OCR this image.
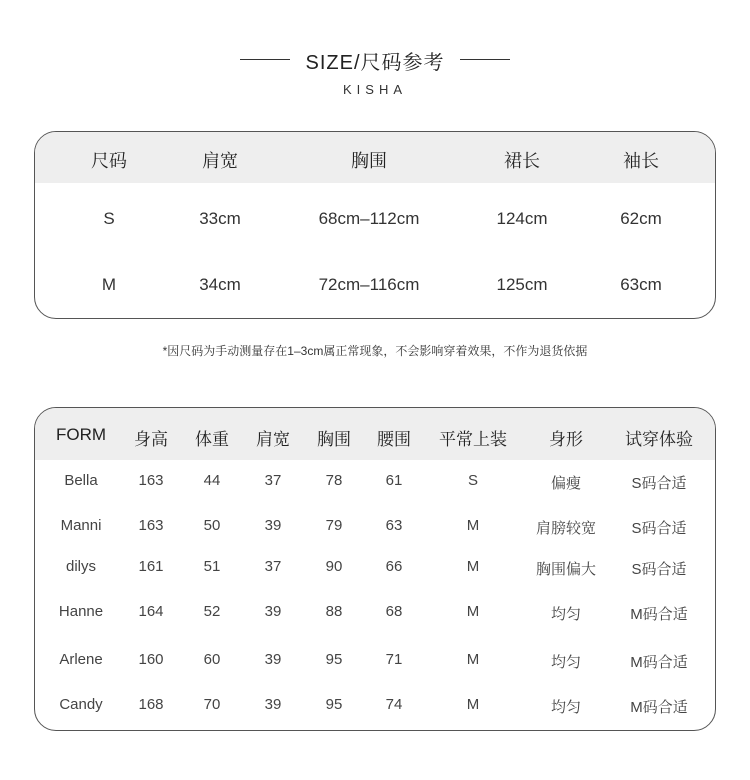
SIZE/尺码参考
KISHA
尺码	肩宽	胸围	裙长	袖长
S	33cm	68cm–112cm	124cm	62cm
M	34cm	72cm–116cm	125cm	63cm
*因尺码为手动测量存在1–3cm属正常现象，不会影响穿着效果，不作为退货依据
FORM 身高 体重 肩宽 胸围 腰围 平常上装 身形 试穿体验
Bella	163	44	37	78	61	S	偏瘦	S码合适
Manni 163	50	39	79	63	M	肩膀较宽 S码合适
dilys	161	51	37	90	66	M	胸围偏大 S码合适
Hanne 164	52	39	88	68	M	均匀	M码合适
Arlene 160	60	39	95	71	M	均匀	M码合适
Candy 168	70	39	95	74	M	均匀	M码合适
